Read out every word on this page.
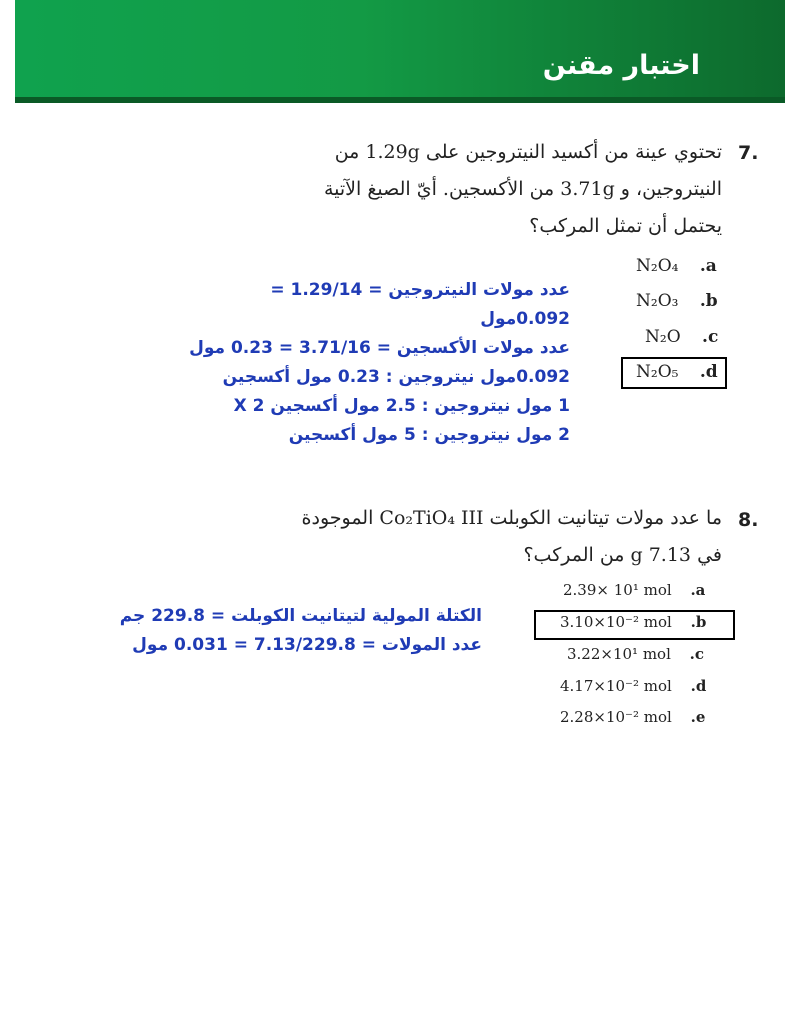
اختبار مقنن
7.
تحتوي عينة من أكسيد النيتروجين على 1.29g من
النيتروجين، و 3.71g من الأكسجين. أيّ الصيغ الآتية
يحتمل أن تمثل المركب؟
N₂O₄ .a
N₂O₃ .b
N₂O .c
N₂O₅ .d
عدد مولات النيتروجين = 1.29/14 =
0.092مول
عدد مولات الأكسجين = 3.71/16 = 0.23 مول
0.092مول نيتروجين : 0.23 مول أكسجين
1 مول نيتروجين : 2.5 مول أكسجين 2 X
2 مول نيتروجين : 5 مول أكسجين
8.
ما عدد مولات تيتانيت الكوبلت Co₂TiO₄ III الموجودة
في 7.13 g من المركب؟
2.39× 10¹ mol .a
3.10×10⁻² mol .b
3.22×10¹ mol .c
4.17×10⁻² mol .d
2.28×10⁻² mol .e
الكتلة المولية لتيتانيت الكوبلت = 229.8 جم
عدد المولات = 7.13/229.8 = 0.031 مول
